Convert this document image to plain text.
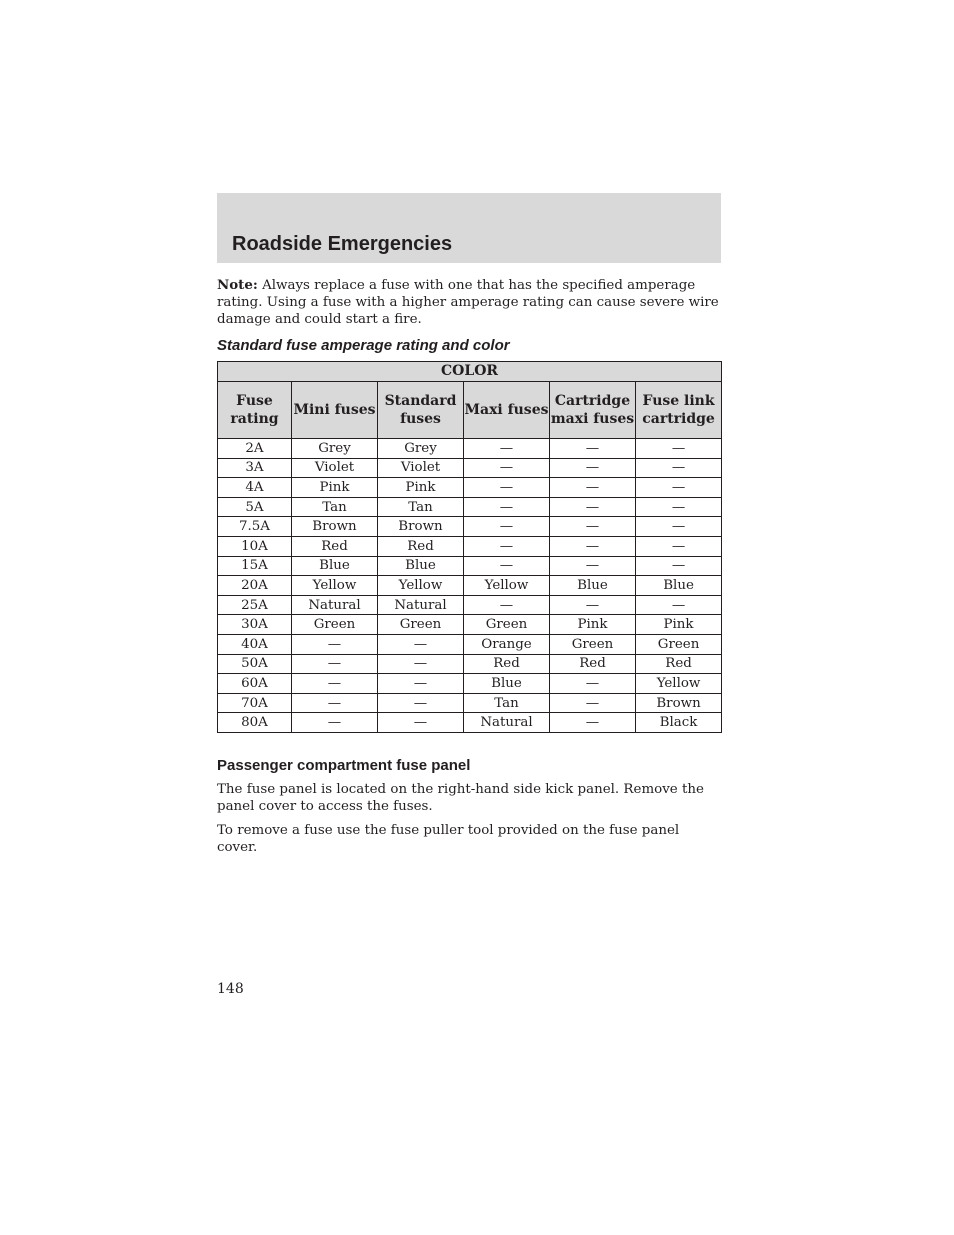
Roadside Emergencies

Note: Always replace a fuse with one that has the specified amperage rating. Using a fuse with a higher amperage rating can cause severe wire damage and could start a fire.

Standard fuse amperage rating and color
COLOR					
Fuse rating	Mini fuses	Standard fuses	Maxi fuses	Cartridge maxi fuses	Fuse link cartridge
2A	Grey	Grey	—	—	—
3A	Violet	Violet	—	—	—
4A	Pink	Pink	—	—	—
5A	Tan	Tan	—	—	—
7.5A	Brown	Brown	—	—	—
10A	Red	Red	—	—	—
15A	Blue	Blue	—	—	—
20A	Yellow	Yellow	Yellow	Blue	Blue
25A	Natural	Natural	—	—	—
30A	Green	Green	Green	Pink	Pink
40A	—	—	Orange	Green	Green
50A	—	—	Red	Red	Red
60A	—	—	Blue	—	Yellow
70A	—	—	Tan	—	Brown
80A	—	—	Natural	—	Black
Passenger compartment fuse panel

The fuse panel is located on the right-hand side kick panel. Remove the panel cover to access the fuses.

To remove a fuse use the fuse puller tool provided on the fuse panel cover.

148
